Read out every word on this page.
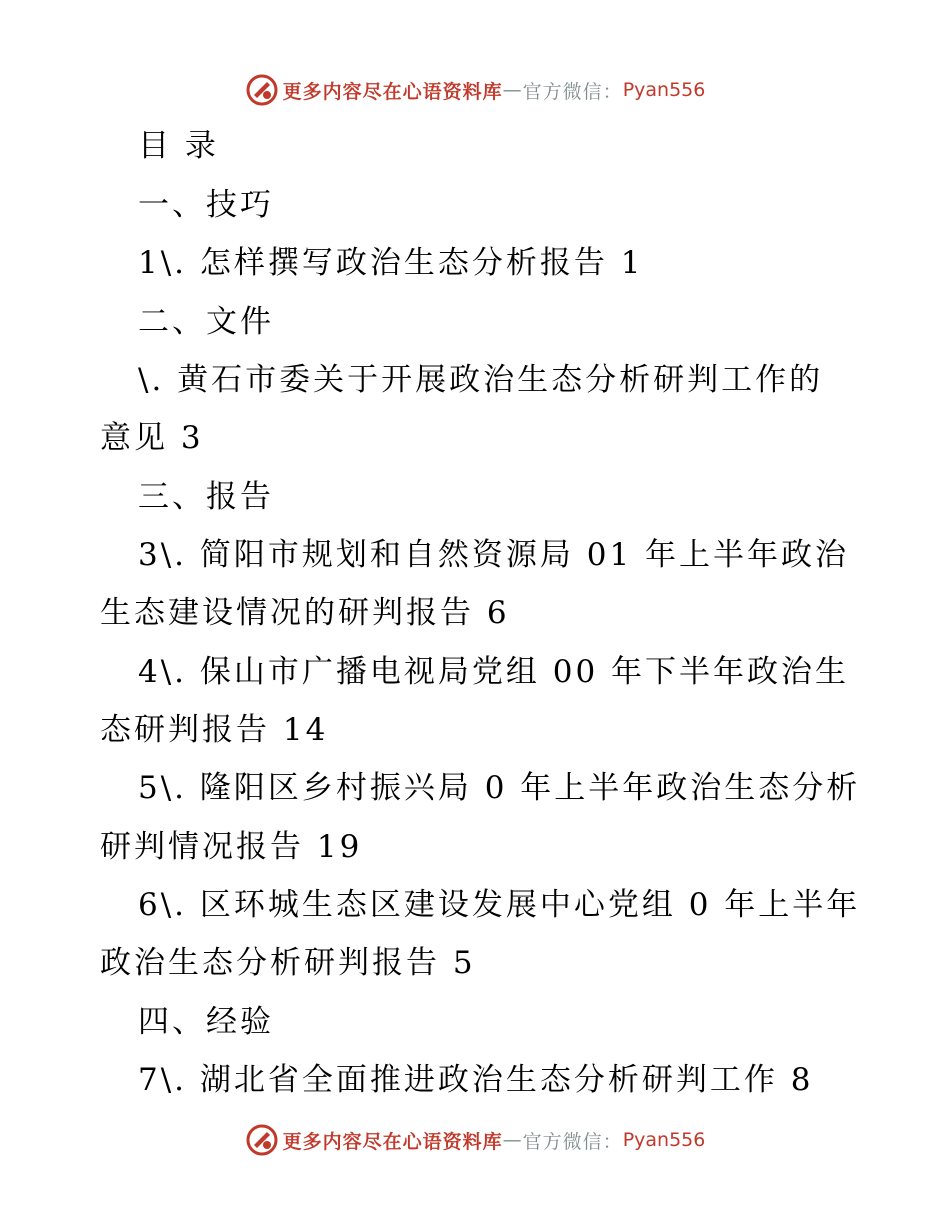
更多内容尽在心语资料库 — 官方微信： Pyan556
目 录
一、技巧
1\. 怎样撰写政治生态分析报告 1
二、文件
\. 黄石市委关于开展政治生态分析研判工作的
意见 3
三、报告
3\. 简阳市规划和自然资源局 01 年上半年政治
生态建设情况的研判报告 6
4\. 保山市广播电视局党组 00 年下半年政治生
态研判报告 14
5\. 隆阳区乡村振兴局 0 年上半年政治生态分析
研判情况报告 19
6\. 区环城生态区建设发展中心党组 0 年上半年
政治生态分析研判报告 5
四、经验
7\. 湖北省全面推进政治生态分析研判工作 8
更多内容尽在心语资料库 — 官方微信： Pyan556
